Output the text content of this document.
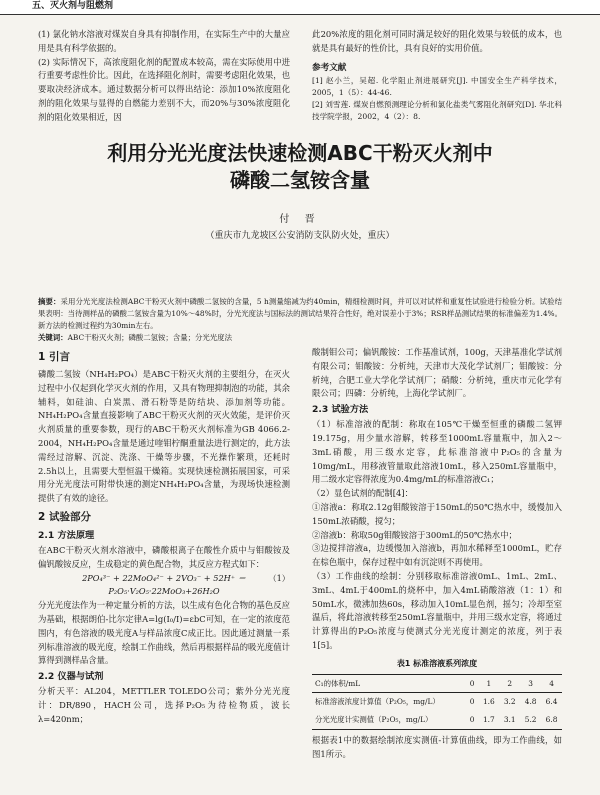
五、灭火剂与阻燃剂

(1) 氯化钠水溶液对煤炭自身具有抑制作用，在实际生产中的大量应用是具有科学依据的。

(2) 实际情况下，高浓度阻化剂的配置成本较高，需在实际使用中进行重要考虑性价比。因此，在选择阻化剂时，需要考虑阻化效果，也要取决经济成本。通过数据分析可以得出结论：添加10%浓度阻化剂的阻化效果与显得的自燃能力差别不大，而20%与30%浓度阻化剂的阻化效果相近，因

此20%浓度的阻化剂可同时满足较好的阻化效果与较低的成本，也就是具有最好的性价比，具有良好的实用价值。

参考文献

[1] 赵小兰，吴超. 化学阻止剂进展研究[J]. 中国安全生产科学技术，2005，1（5）：44-46.

[2] 刘雪莲. 煤炭自燃预测理论分析和氯化盐类气雾阻化剂研究[D]. 华北科技学院学报，2002，4（2）：8.

利用分光光度法快速检测ABC干粉灭火剂中
磷酸二氢铵含量
付 晋
（重庆市九龙坡区公安消防支队防火处，重庆）

摘要：采用分光光度法检测ABC干粉灭火剂中磷酸二氢铵的含量，5 h测量缩减为约40min，精细检测时间，并可以对试样和重复性试验进行检验分析。试验结果表明：当待测样品的磷酸二氢铵含量为10%～48%时，分光光度法与国标法的测试结果符合性好，绝对误差小于3%；RSR样品测试结果的标准偏差为1.4%。新方法的检测过程约为30min左右。

关键词：ABC干粉灭火剂；磷酸二氢铵；含量；分光光度法

1 引言

磷酸二氢铵（NH₄H₂PO₄）是ABC干粉灭火剂的主要组分，在灭火过程中小仅起到化学灭火剂的作用，又具有物理抑制泡的功能，其余辅料，如硅油、白炭黑、滑石粉等是防结块、添加剂等功能。NH₄H₂PO₄含量直接影响了ABC干粉灭火剂的灭火效能，是评价灭火剂质量的重要参数，现行的ABC干粉灭火剂标准为GB 4066.2-2004，NH₄H₂PO₄含量是通过喹钼柠酮重量法进行测定的，此方法需经过溶解、沉淀、洗涤、干燥等步骤，不光操作繁琐，还耗时2.5h以上，且需要大型恒温干燥箱。实现快速检测拓展国家，可采用分光光度法可附带快速的测定NH₄H₂PO₄含量，为现场快速检测提供了有效的途径。

2 试验部分

2.1 方法原理

在ABC干粉灭火剂水溶液中，磷酸根离子在酸性介质中与钼酸铵及偏钒酸铵反应，生成稳定的黄色配合物，其反应方程式如下：

2PO₄³⁻ + 22MoO₄²⁻ + 2VO₃⁻ + 52H⁺ ＝ P₂O₅·V₂O₅·22MoO₃+26H₂O
（1）

分光光度法作为一种定量分析的方法，以生成有色化合物的基色反应为基础，根据朗伯-比尔定律A=lg(I₀/I)=εbC可知，在一定的浓度范围内，有色溶液的吸光度A与样品浓度C成正比。因此通过测量一系列标准溶液的吸光度，绘制工作曲线，然后再根据样品的吸光度值计算得到测样品含量。

2.2 仪器与试剂

分析天平：AL204，METTLER TOLEDO公司；紫外分光光度计：DR/890，HACH公司，选择P₂O₅为待检物质，波长λ=420nm；

酸制钼公司；偏钒酸铵：工作基准试剂，100g，天津基准化学试剂有限公司；钼酸铵：分析纯，天津市大茂化学试剂厂；钼酸铵：分析纯，合肥工业大学化学试剂厂；硝酸：分析纯，重庆市元化学有限公司；四磷：分析纯，上海化学试剂厂。

2.3 试验方法

（1）标准溶液的配制：称取在105℃干燥至恒重的磷酸二氢钾19.175g，用少量水溶解，转移至1000mL容量瓶中，加入2～3mL硝酸，用三级水定容，此标准溶液中P₂O₅的含量为10mg/mL，用移液管量取此溶液10mL，移入250mL容量瓶中，用二级水定容得浓度为0.4mg/mL的标准溶液C₁；

（2）显色试剂的配制[4]：

①溶液a：称取2.12g钼酸铵溶于150mL的50℃热水中，缓慢加入150mL浓硝酸，搅匀；

②溶液b：称取50g钼酸铵溶于300mL的50℃热水中；

③边搅拌溶液a，边缓慢加入溶液b，再加水稀释至1000mL，贮存在棕色瓶中，保存过程中如有沉淀则不再使用。

（3）工作曲线的绘制：分别移取标准溶液0mL、1mL、2mL、3mL、4mL于400mL的烧杯中，加入4mL硝酸溶液（1：1）和50mL水，微沸加热60s，移动加入10mL显色剂，摇匀；冷却至室温后，将此溶液转移至250mL容量瓶中，并用三级水定容，将通过计算得出的P₂O₅浓度与使测式分光光度计测定的浓度，列于表1[5]。

表1 标准溶液系列浓度

C₁的体积/mL	0	1	2	3	4
标准溶液浓度计算值（P₂O₅，mg/L）	0	1.6	3.2	4.8	6.4
分光光度计实测值（P₂O₅，mg/L）	0	1.7	3.1	5.2	6.8

根据表1中的数据绘制浓度实测值-计算值曲线，即为工作曲线，如图1所示。
